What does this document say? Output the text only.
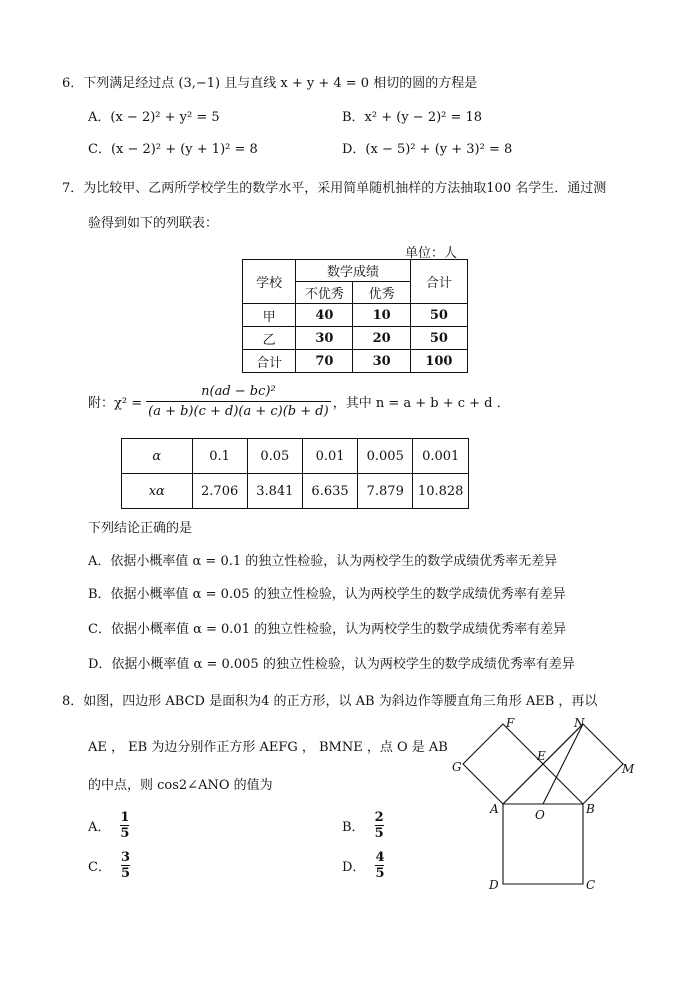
6．下列满足经过点 (3,−1) 且与直线 x + y + 4 = 0 相切的圆的方程是
A．(x − 2)² + y² = 5	B．x² + (y − 2)² = 18
C．(x − 2)² + (y + 1)² = 8	D．(x − 5)² + (y + 3)² = 8
7．为比较甲、乙两所学校学生的数学水平，采用简单随机抽样的方法抽取100 名学生．通过测
验得到如下的列联表：
单位：人
学校	数学成绩		合计
	不优秀	优秀	
甲	40	10	50
乙	30	20	50
合计	70	30	100
附：$\chi^2 = \frac{\text{n(ad − bc)²}}{(a + b)(c + d)(a + c)(b + d)}$ ，其中 n = a + b + c + d ．
α	0.1	0.05	0.01	0.005	0.001
xα	2.706	3.841	6.635	7.879	10.828
下列结论正确的是
A．依据小概率值 α = 0.1 的独立性检验，认为两校学生的数学成绩优秀率无差异
B．依据小概率值 α = 0.05 的独立性检验，认为两校学生的数学成绩优秀率有差异
C．依据小概率值 α = 0.01 的独立性检验，认为两校学生的数学成绩优秀率有差异
D．依据小概率值 α = 0.005 的独立性检验，认为两校学生的数学成绩优秀率有差异
8．如图，四边形 ABCD 是面积为4 的正方形，以 AB 为斜边作等腰直角三角形 AEB ，再以
AE ， EB 为边分别作正方形 AEFG ， BMNE ，点 O 是 AB
的中点，则 cos2∠ANO 的值为
A． $\frac{1}{5}$	B． $\frac{2}{5}$
C． $\frac{3}{5}$	D． $\frac{4}{5}$
F	N
E
G	M
A	O	B
D	C
